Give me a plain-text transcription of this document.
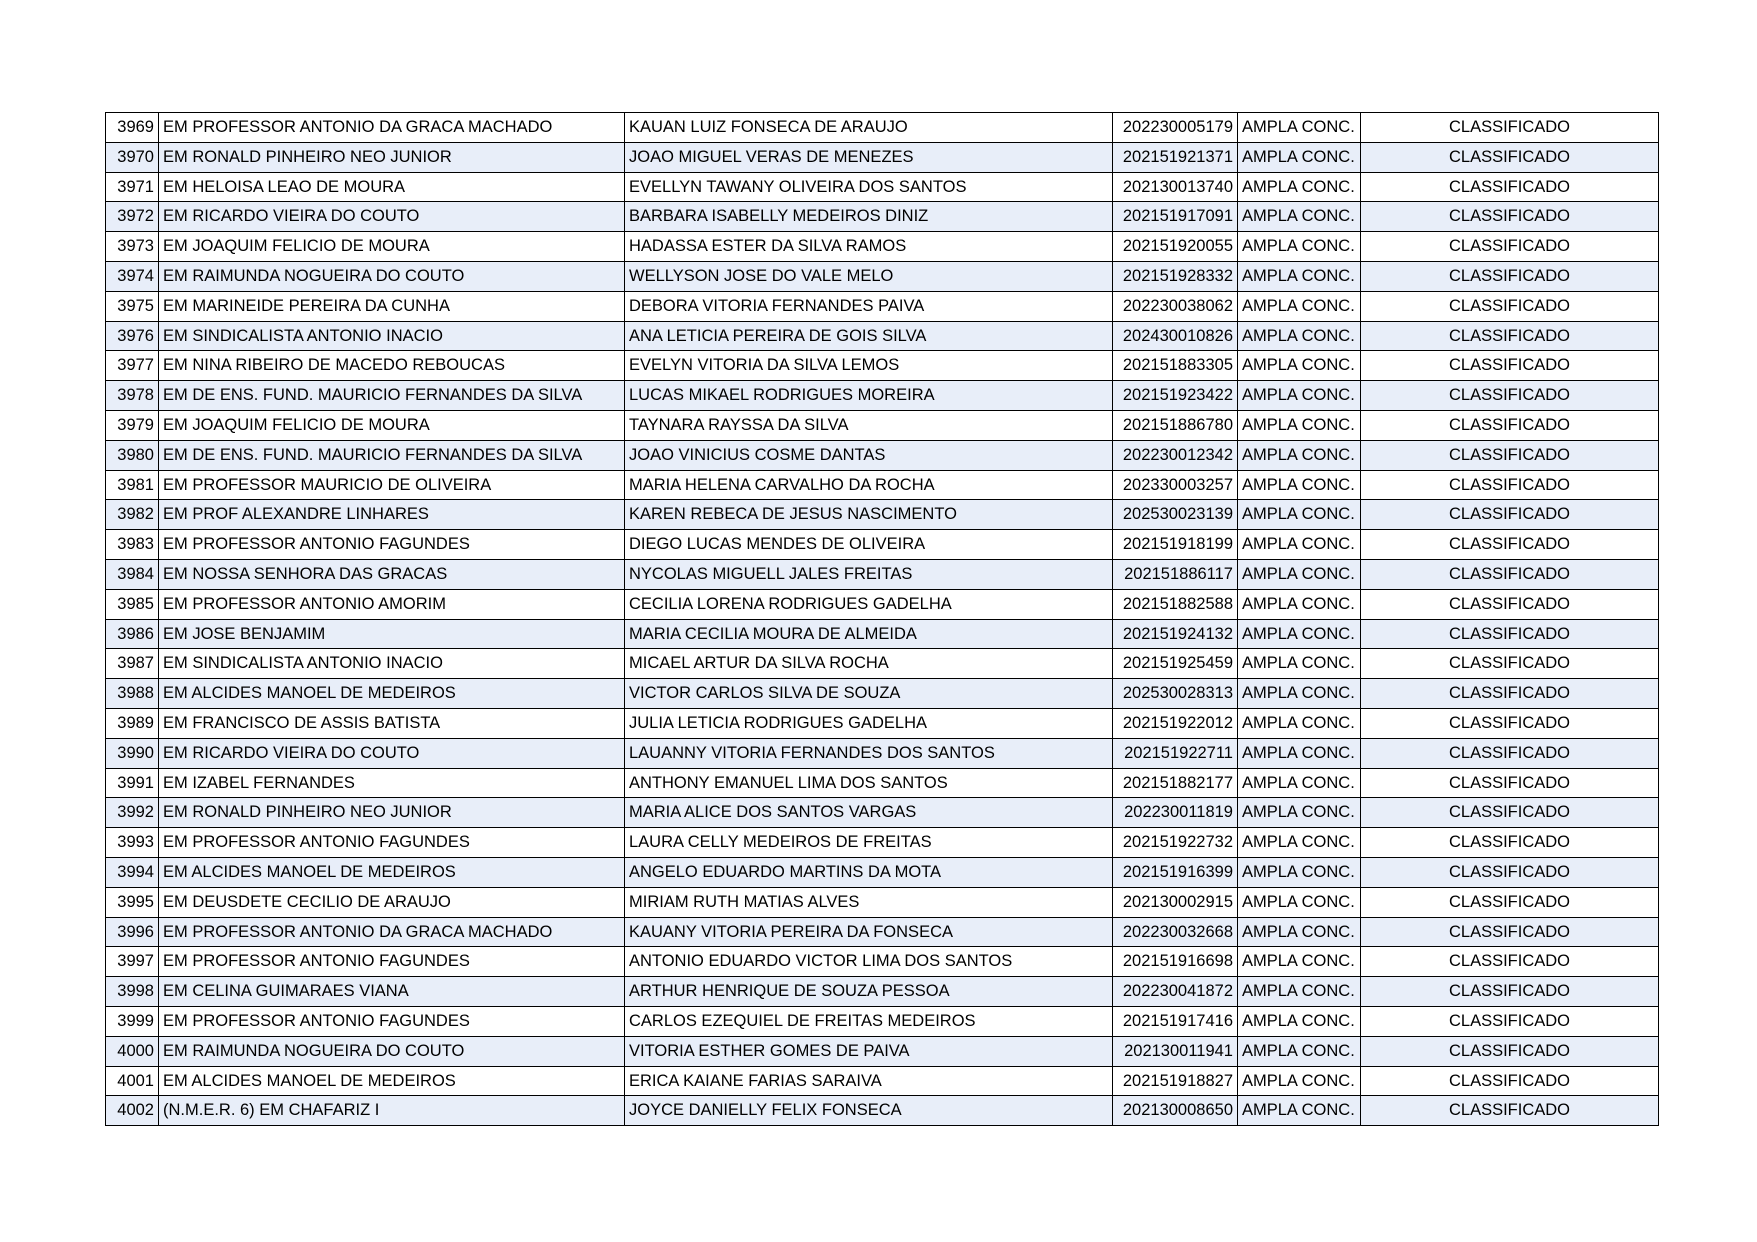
3969	EM PROFESSOR ANTONIO DA GRACA MACHADO	KAUAN LUIZ FONSECA DE ARAUJO	202230005179	AMPLA CONC.	CLASSIFICADO
3970	EM RONALD PINHEIRO NEO JUNIOR	JOAO MIGUEL VERAS DE MENEZES	202151921371	AMPLA CONC.	CLASSIFICADO
3971	EM HELOISA LEAO DE MOURA	EVELLYN TAWANY OLIVEIRA DOS SANTOS	202130013740	AMPLA CONC.	CLASSIFICADO
3972	EM RICARDO VIEIRA DO COUTO	BARBARA ISABELLY MEDEIROS DINIZ	202151917091	AMPLA CONC.	CLASSIFICADO
3973	EM JOAQUIM FELICIO DE MOURA	HADASSA ESTER DA SILVA RAMOS	202151920055	AMPLA CONC.	CLASSIFICADO
3974	EM RAIMUNDA NOGUEIRA DO COUTO	WELLYSON JOSE DO VALE MELO	202151928332	AMPLA CONC.	CLASSIFICADO
3975	EM MARINEIDE PEREIRA DA CUNHA	DEBORA VITORIA FERNANDES PAIVA	202230038062	AMPLA CONC.	CLASSIFICADO
3976	EM SINDICALISTA ANTONIO INACIO	ANA LETICIA PEREIRA DE GOIS SILVA	202430010826	AMPLA CONC.	CLASSIFICADO
3977	EM NINA RIBEIRO DE MACEDO REBOUCAS	EVELYN VITORIA DA SILVA LEMOS	202151883305	AMPLA CONC.	CLASSIFICADO
3978	EM DE ENS. FUND. MAURICIO FERNANDES DA SILVA	LUCAS MIKAEL RODRIGUES MOREIRA	202151923422	AMPLA CONC.	CLASSIFICADO
3979	EM JOAQUIM FELICIO DE MOURA	TAYNARA RAYSSA DA SILVA	202151886780	AMPLA CONC.	CLASSIFICADO
3980	EM DE ENS. FUND. MAURICIO FERNANDES DA SILVA	JOAO VINICIUS COSME DANTAS	202230012342	AMPLA CONC.	CLASSIFICADO
3981	EM PROFESSOR MAURICIO DE OLIVEIRA	MARIA HELENA CARVALHO DA ROCHA	202330003257	AMPLA CONC.	CLASSIFICADO
3982	EM PROF ALEXANDRE LINHARES	KAREN REBECA DE JESUS NASCIMENTO	202530023139	AMPLA CONC.	CLASSIFICADO
3983	EM PROFESSOR ANTONIO FAGUNDES	DIEGO LUCAS MENDES DE OLIVEIRA	202151918199	AMPLA CONC.	CLASSIFICADO
3984	EM NOSSA SENHORA DAS GRACAS	NYCOLAS MIGUELL JALES FREITAS	202151886117	AMPLA CONC.	CLASSIFICADO
3985	EM PROFESSOR ANTONIO AMORIM	CECILIA LORENA RODRIGUES GADELHA	202151882588	AMPLA CONC.	CLASSIFICADO
3986	EM JOSE BENJAMIM	MARIA CECILIA MOURA DE ALMEIDA	202151924132	AMPLA CONC.	CLASSIFICADO
3987	EM SINDICALISTA ANTONIO INACIO	MICAEL ARTUR DA SILVA ROCHA	202151925459	AMPLA CONC.	CLASSIFICADO
3988	EM ALCIDES MANOEL DE MEDEIROS	VICTOR CARLOS SILVA DE SOUZA	202530028313	AMPLA CONC.	CLASSIFICADO
3989	EM FRANCISCO DE ASSIS BATISTA	JULIA LETICIA RODRIGUES GADELHA	202151922012	AMPLA CONC.	CLASSIFICADO
3990	EM RICARDO VIEIRA DO COUTO	LAUANNY VITORIA FERNANDES DOS SANTOS	202151922711	AMPLA CONC.	CLASSIFICADO
3991	EM IZABEL FERNANDES	ANTHONY EMANUEL LIMA DOS SANTOS	202151882177	AMPLA CONC.	CLASSIFICADO
3992	EM RONALD PINHEIRO NEO JUNIOR	MARIA ALICE DOS SANTOS VARGAS	202230011819	AMPLA CONC.	CLASSIFICADO
3993	EM PROFESSOR ANTONIO FAGUNDES	LAURA CELLY MEDEIROS DE FREITAS	202151922732	AMPLA CONC.	CLASSIFICADO
3994	EM ALCIDES MANOEL DE MEDEIROS	ANGELO EDUARDO MARTINS DA MOTA	202151916399	AMPLA CONC.	CLASSIFICADO
3995	EM DEUSDETE CECILIO DE ARAUJO	MIRIAM RUTH MATIAS ALVES	202130002915	AMPLA CONC.	CLASSIFICADO
3996	EM PROFESSOR ANTONIO DA GRACA MACHADO	KAUANY VITORIA PEREIRA DA FONSECA	202230032668	AMPLA CONC.	CLASSIFICADO
3997	EM PROFESSOR ANTONIO FAGUNDES	ANTONIO EDUARDO VICTOR LIMA DOS SANTOS	202151916698	AMPLA CONC.	CLASSIFICADO
3998	EM CELINA GUIMARAES VIANA	ARTHUR HENRIQUE DE SOUZA PESSOA	202230041872	AMPLA CONC.	CLASSIFICADO
3999	EM PROFESSOR ANTONIO FAGUNDES	CARLOS EZEQUIEL DE FREITAS MEDEIROS	202151917416	AMPLA CONC.	CLASSIFICADO
4000	EM RAIMUNDA NOGUEIRA DO COUTO	VITORIA ESTHER GOMES DE PAIVA	202130011941	AMPLA CONC.	CLASSIFICADO
4001	EM ALCIDES MANOEL DE MEDEIROS	ERICA KAIANE FARIAS SARAIVA	202151918827	AMPLA CONC.	CLASSIFICADO
4002	(N.M.E.R. 6) EM CHAFARIZ I	JOYCE DANIELLY FELIX FONSECA	202130008650	AMPLA CONC.	CLASSIFICADO
